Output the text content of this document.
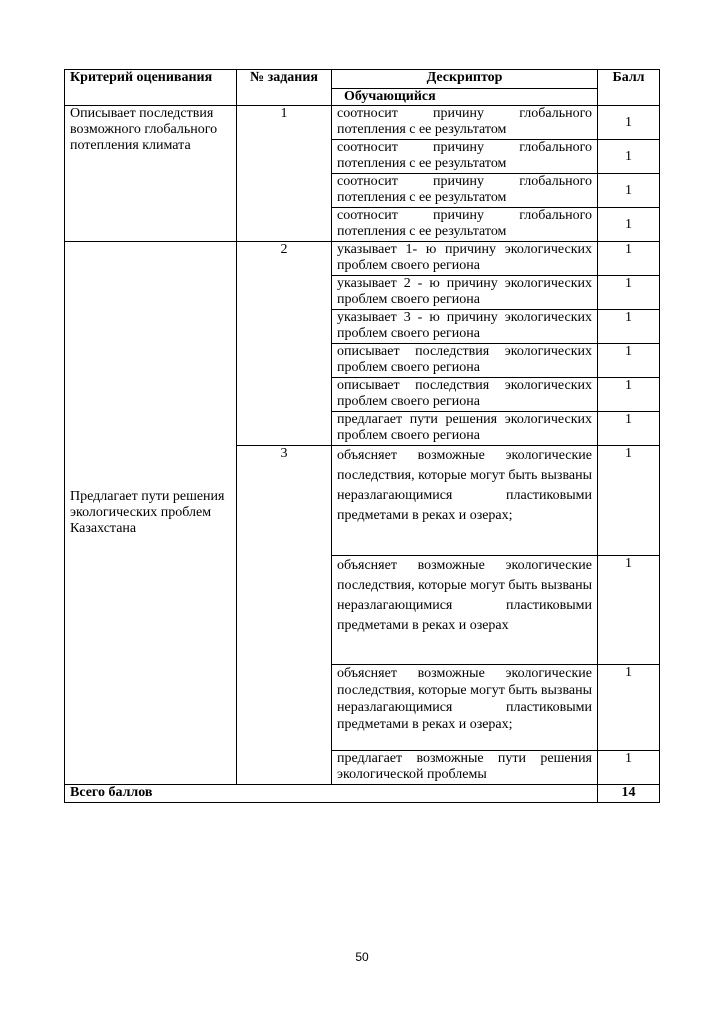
Критерий оценивания	№ задания	Дескриптор	Балл
		Обучающийся	
Описывает последствия возможного глобального потепления климата	1	соотносит причину глобального потепления с ее результатом	1
		соотносит причину глобального потепления с ее результатом	1
		соотносит причину глобального потепления с ее результатом	1
		соотносит причину глобального потепления с ее результатом	1
Предлагает пути решения экологических проблем Казахстана	2	указывает 1- ю причину экологических проблем своего региона	1
		указывает 2 - ю причину экологических проблем своего региона	1
		указывает 3 - ю причину экологических проблем своего региона	1
		описывает последствия экологических проблем своего региона	1
		описывает последствия экологических проблем своего региона	1
		предлагает пути решения экологических проблем своего региона	1
	3	объясняет возможные экологические последствия, которые могут быть вызваны неразлагающимися пластиковыми предметами в реках и озерах;	1
		объясняет возможные экологические последствия, которые могут быть вызваны неразлагающимися пластиковыми предметами в реках и озерах	1
		объясняет возможные экологические последствия, которые могут быть вызваны неразлагающимися пластиковыми предметами в реках и озерах;	1
		предлагает возможные пути решения экологической проблемы	1
Всего баллов			14
50
